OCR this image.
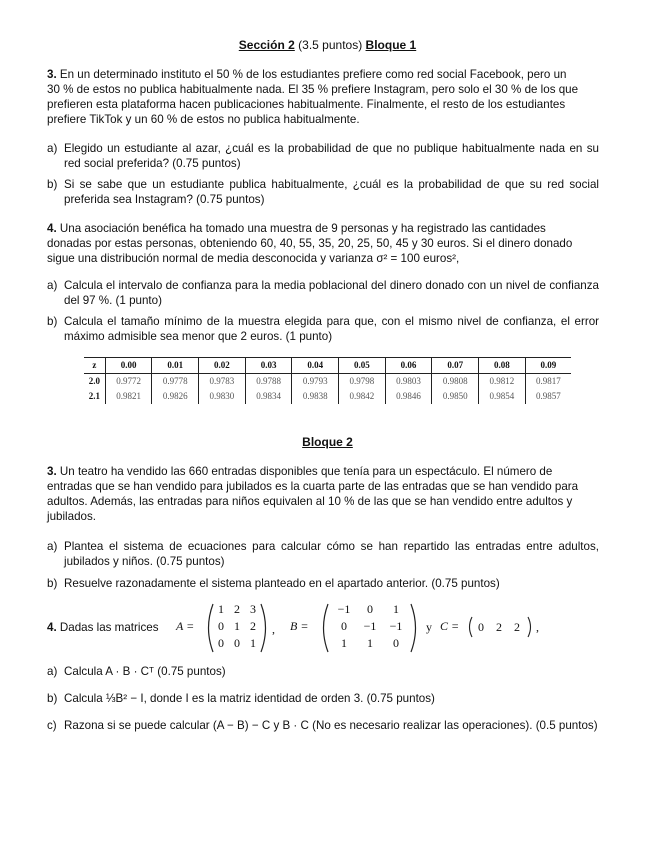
Sección 2 (3.5 puntos) Bloque 1
3. En un determinado instituto el 50 % de los estudiantes prefiere como red social Facebook, pero un
30 % de estos no publica habitualmente nada. El 35 % prefiere Instagram, pero solo el 30 % de los que
prefieren esta plataforma hacen publicaciones habitualmente. Finalmente, el resto de los estudiantes
prefiere TikTok y un 60 % de estos no publica habitualmente.
a) Elegido un estudiante al azar, ¿cuál es la probabilidad de que no publique habitualmente nada en su red social preferida? (0.75 puntos)
b) Si se sabe que un estudiante publica habitualmente, ¿cuál es la probabilidad de que su red social preferida sea Instagram? (0.75 puntos)
4. Una asociación benéfica ha tomado una muestra de 9 personas y ha registrado las cantidades
donadas por estas personas, obteniendo 60, 40, 55, 35, 20, 25, 50, 45 y 30 euros. Si el dinero donado
sigue una distribución normal de media desconocida y varianza σ² = 100 euros²,
a) Calcula el intervalo de confianza para la media poblacional del dinero donado con un nivel de confianza del 97 %. (1 punto)
b) Calcula el tamaño mínimo de la muestra elegida para que, con el mismo nivel de confianza, el error máximo admisible sea menor que 2 euros. (1 punto)
z	0.00	0.01	0.02	0.03	0.04	0.05	0.06	0.07	0.08	0.09
2.0	0.9772	0.9778	0.9783	0.9788	0.9793	0.9798	0.9803	0.9808	0.9812	0.9817
2.1	0.9821	0.9826	0.9830	0.9834	0.9838	0.9842	0.9846	0.9850	0.9854	0.9857
Bloque 2
3. Un teatro ha vendido las 660 entradas disponibles que tenía para un espectáculo. El número de
entradas que se han vendido para jubilados es la cuarta parte de las entradas que se han vendido para
adultos. Además, las entradas para niños equivalen al 10 % de las que se han vendido entre adultos y
jubilados.
a) Plantea el sistema de ecuaciones para calcular cómo se han repartido las entradas entre adultos, jubilados y niños. (0.75 puntos)
b) Resuelve razonadamente el sistema planteado en el apartado anterior. (0.75 puntos)
4. Dadas las matrices A =
1 2 3
0 1 2
0 0 1
, B =
−1	0	1
0	−1	−1
1	1	0
y C =	0	2	2	,
a) Calcula A · B · Cᵀ (0.75 puntos)
b) Calcula ⅓B² − I, donde I es la matriz identidad de orden 3. (0.75 puntos)
c) Razona si se puede calcular (A − B) − C y B · C (No es necesario realizar las operaciones). (0.5 puntos)
